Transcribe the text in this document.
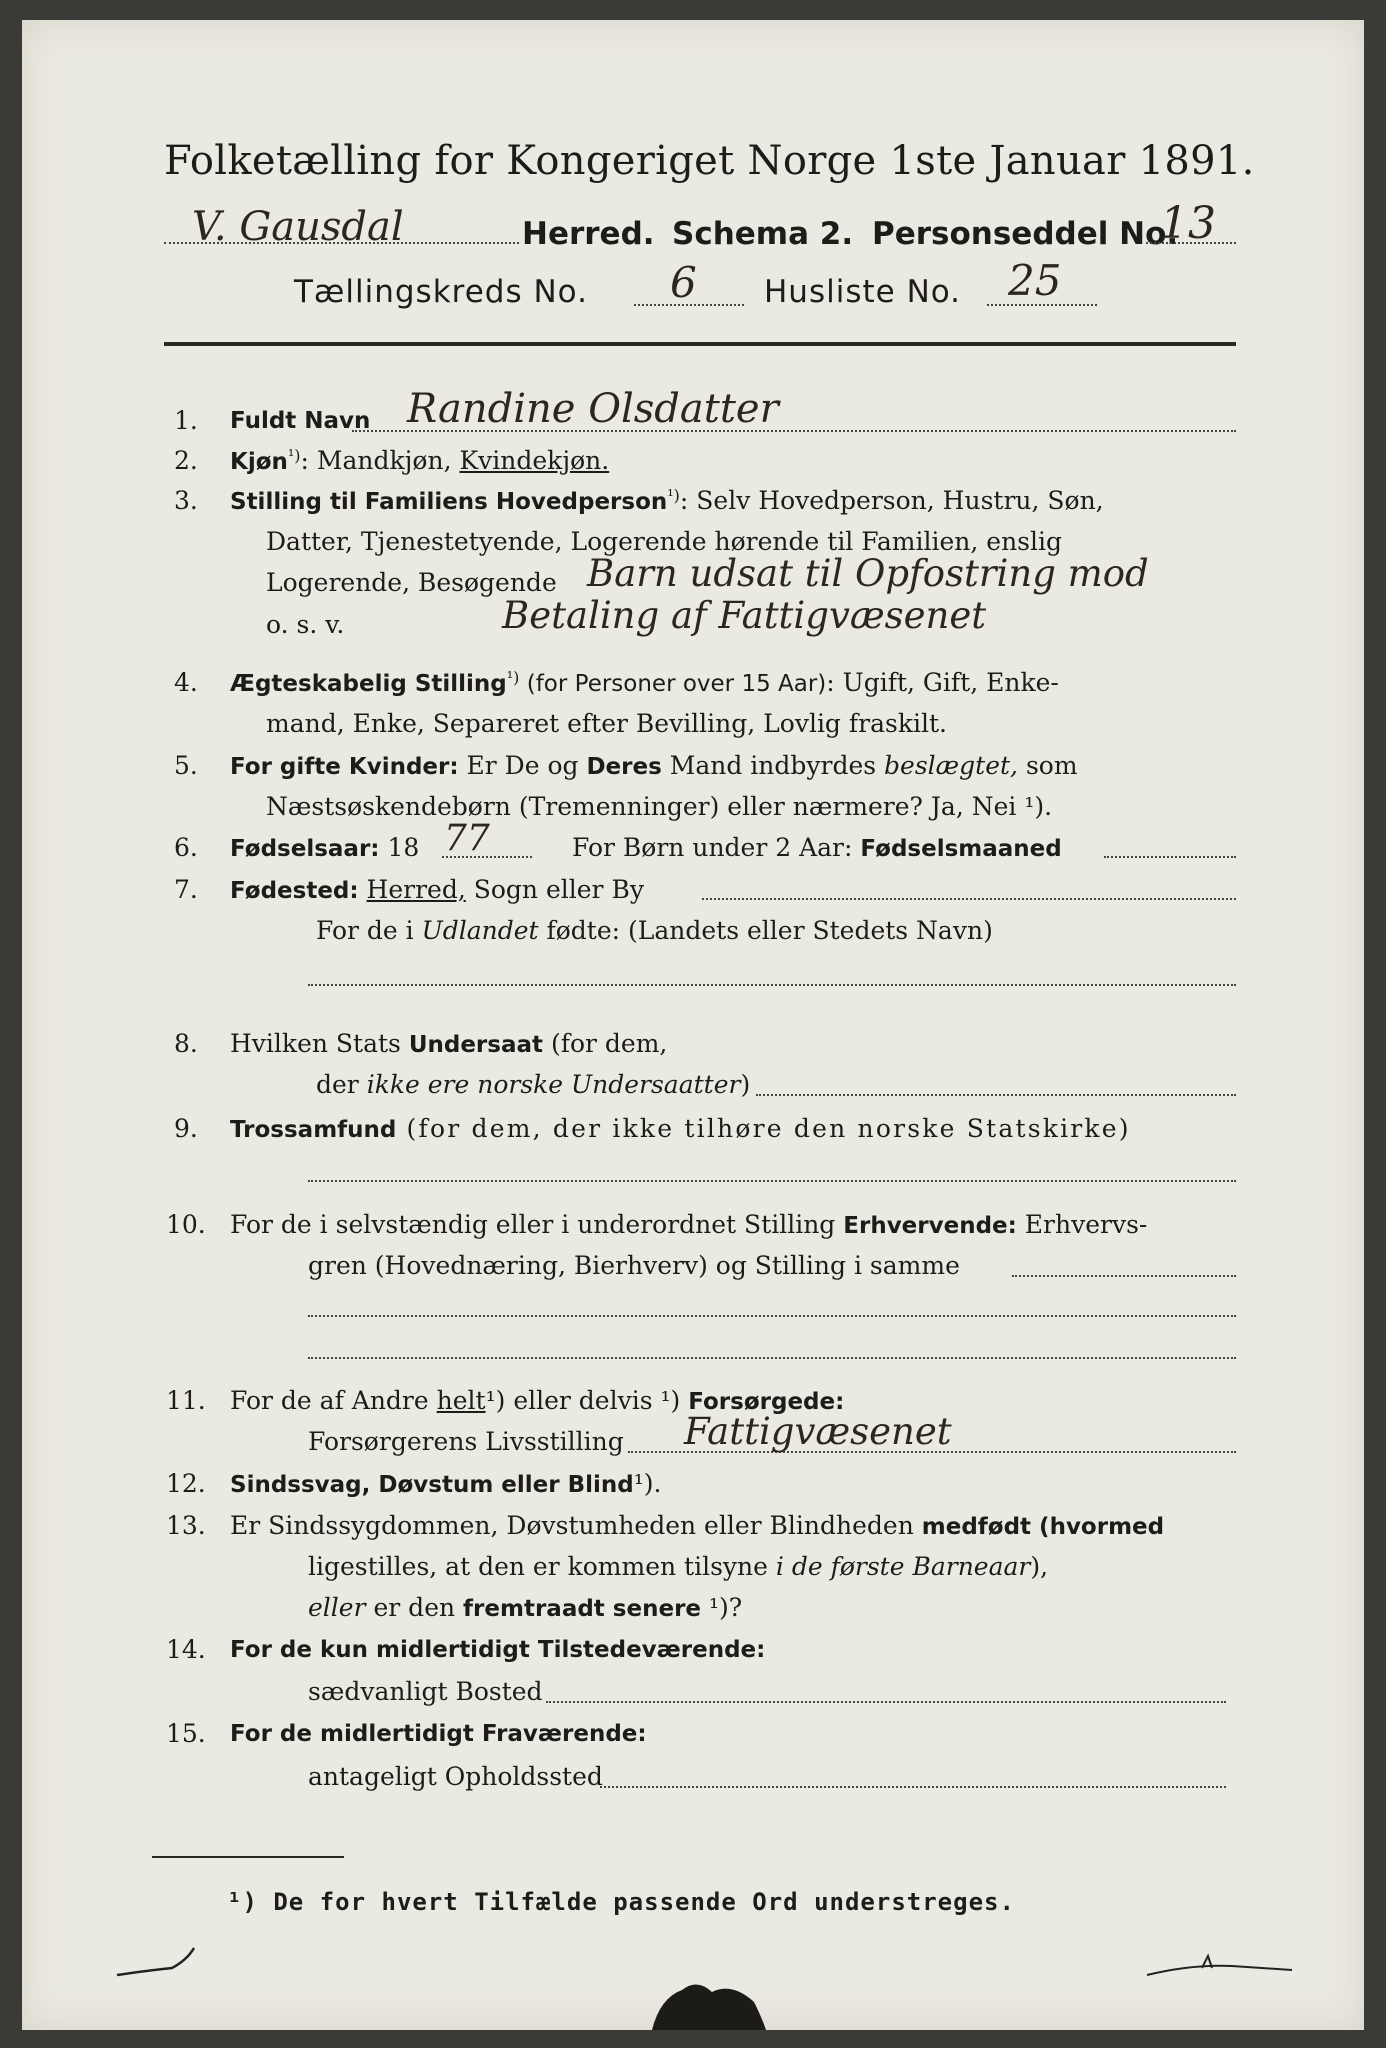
Folketælling for Kongeriget Norge 1ste Januar 1891.
V. Gausdal	Herred. Schema 2. Personseddel No.
13
Tællingskreds No. 6 Husliste No. 25
1. Fuldt Navn Randine Olsdatter
2. Kjøn$^{^1)}$: Mandkjøn, Kvindekjøn.
3. Stilling til Familiens Hovedperson$^{^1)}$: Selv Hovedperson, Hustru, Søn,
Datter, Tjenestetyende, Logerende hørende til Familien, enslig
Logerende, Besøgende Barn udsat til Opfostring mod
o. s. v.	Betaling af Fattigvæsenet
4. Ægteskabelig Stilling$^{^1)}$ (for Personer over 15 Aar): Ugift, Gift, Enke-
mand, Enke, Separeret efter Bevilling, Lovlig fraskilt.
5. For gifte Kvinder: Er De og Deres Mand indbyrdes beslægtet, som
Næstsøskendebørn (Tremenninger) eller nærmere? Ja, Nei ¹).
6. Fødselsaar: 18 77	For Børn under 2 Aar: Fødselsmaaned
7. Fødested: Herred, Sogn eller By
For de i Udlandet fødte: (Landets eller Stedets Navn)
8. Hvilken Stats Undersaat (for dem,
der ikke ere norske Undersaatter)
9. Trossamfund (for dem, der ikke tilhøre den norske Statskirke)
10. For de i selvstændig eller i underordnet Stilling Erhvervende: Erhvervs-
gren (Hovednæring, Bierhverv) og Stilling i samme
11. For de af Andre helt¹) eller delvis ¹) Forsørgede:
Forsørgerens Livsstilling Fattigvæsenet
12. Sindssvag, Døvstum eller Blind¹).
13. Er Sindssygdommen, Døvstumheden eller Blindheden medfødt (hvormed
ligestilles, at den er kommen tilsyne i de første Barneaar),
eller er den fremtraadt senere ¹)?
14. For de kun midlertidigt Tilstedeværende:
sædvanligt Bosted
15. For de midlertidigt Fraværende:
antageligt Opholdssted
¹) De for hvert Tilfælde passende Ord understreges.
